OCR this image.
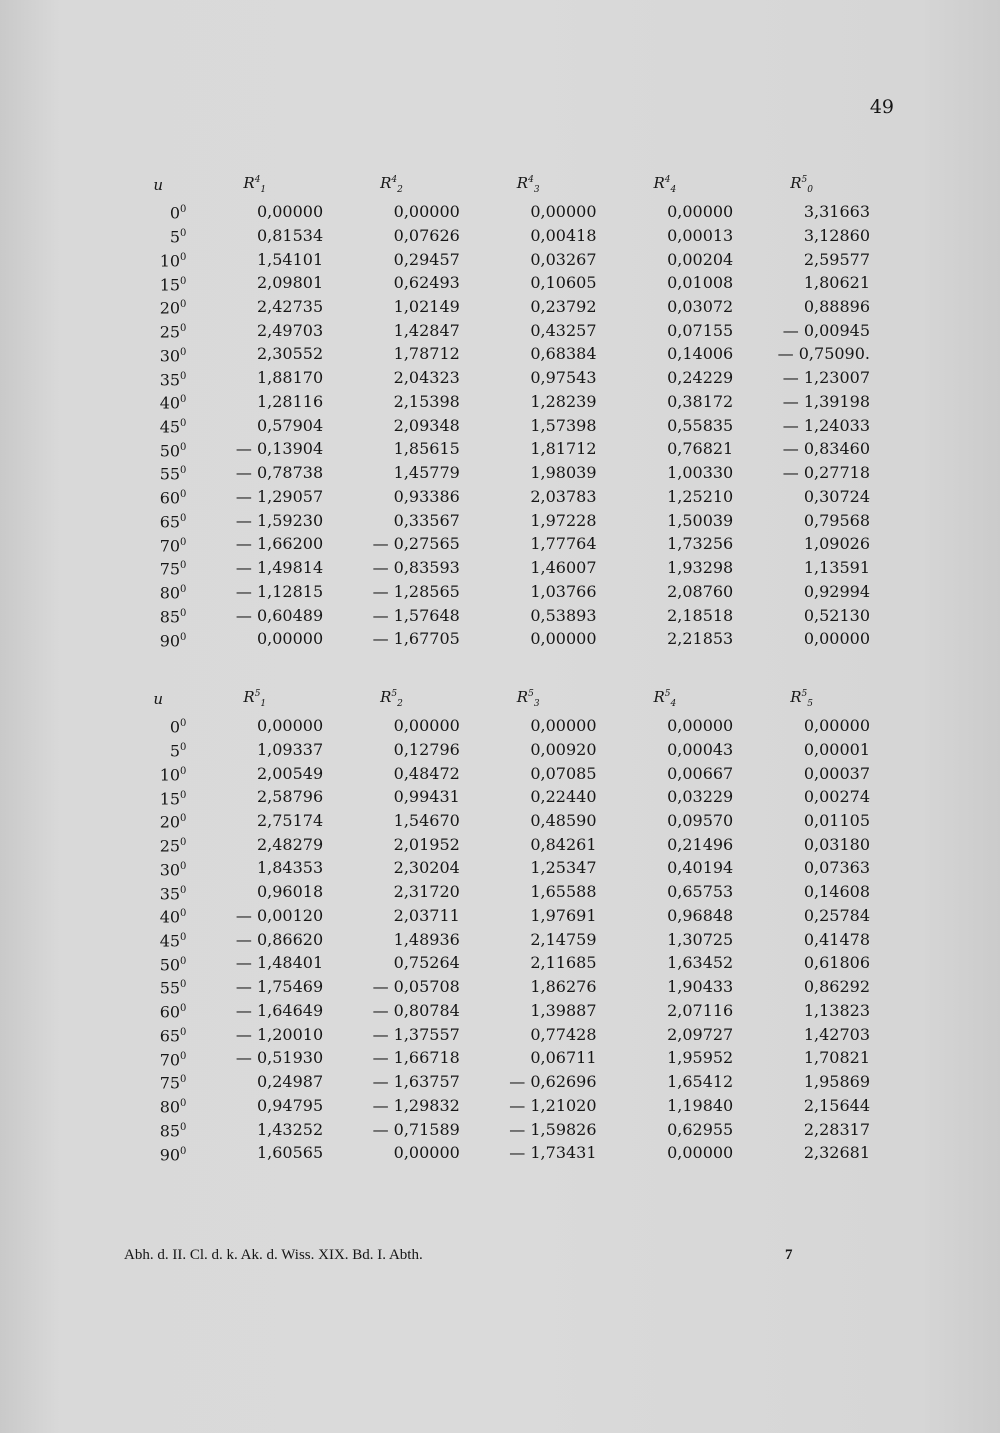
49
u	$R^4_1$	$R^4_2$	$R^4_3$	$R^4_4$	$R^5_0$
$0^0$	0,00000	0,00000	0,00000	0,00000	3,31663
$5^0$	0,81534	0,07626	0,00418	0,00013	3,12860
$10^0$	1,54101	0,29457	0,03267	0,00204	2,59577
$15^0$	2,09801	0,62493	0,10605	0,01008	1,80621
$20^0$	2,42735	1,02149	0,23792	0,03072	0,88896
$25^0$	2,49703	1,42847	0,43257	0,07155	— 0,00945
$30^0$	2,30552	1,78712	0,68384	0,14006	— 0,75090.
$35^0$	1,88170	2,04323	0,97543	0,24229	— 1,23007
$40^0$	1,28116	2,15398	1,28239	0,38172	— 1,39198
$45^0$	0,57904	2,09348	1,57398	0,55835	— 1,24033
$50^0$	— 0,13904	1,85615	1,81712	0,76821	— 0,83460
$55^0$	— 0,78738	1,45779	1,98039	1,00330	— 0,27718
$60^0$	— 1,29057	0,93386	2,03783	1,25210	0,30724
$65^0$	— 1,59230	0,33567	1,97228	1,50039	0,79568
$70^0$	— 1,66200	— 0,27565	1,77764	1,73256	1,09026
$75^0$	— 1,49814	— 0,83593	1,46007	1,93298	1,13591
$80^0$	— 1,12815	— 1,28565	1,03766	2,08760	0,92994
$85^0$	— 0,60489	— 1,57648	0,53893	2,18518	0,52130
$90^0$	0,00000	— 1,67705	0,00000	2,21853	0,00000
u	$R^5_1$	$R^5_2$	$R^5_3$	$R^5_4$	$R^5_5$
$0^0$	0,00000	0,00000	0,00000	0,00000	0,00000
$5^0$	1,09337	0,12796	0,00920	0,00043	0,00001
$10^0$	2,00549	0,48472	0,07085	0,00667	0,00037
$15^0$	2,58796	0,99431	0,22440	0,03229	0,00274
$20^0$	2,75174	1,54670	0,48590	0,09570	0,01105
$25^0$	2,48279	2,01952	0,84261	0,21496	0,03180
$30^0$	1,84353	2,30204	1,25347	0,40194	0,07363
$35^0$	0,96018	2,31720	1,65588	0,65753	0,14608
$40^0$	— 0,00120	2,03711	1,97691	0,96848	0,25784
$45^0$	— 0,86620	1,48936	2,14759	1,30725	0,41478
$50^0$	— 1,48401	0,75264	2,11685	1,63452	0,61806
$55^0$	— 1,75469	— 0,05708	1,86276	1,90433	0,86292
$60^0$	— 1,64649	— 0,80784	1,39887	2,07116	1,13823
$65^0$	— 1,20010	— 1,37557	0,77428	2,09727	1,42703
$70^0$	— 0,51930	— 1,66718	0,06711	1,95952	1,70821
$75^0$	0,24987	— 1,63757	— 0,62696	1,65412	1,95869
$80^0$	0,94795	— 1,29832	— 1,21020	1,19840	2,15644
$85^0$	1,43252	— 0,71589	— 1,59826	0,62955	2,28317
$90^0$	1,60565	0,00000	— 1,73431	0,00000	2,32681
Abh. d. II. Cl. d. k. Ak. d. Wiss. XIX. Bd. I. Abth.	7
